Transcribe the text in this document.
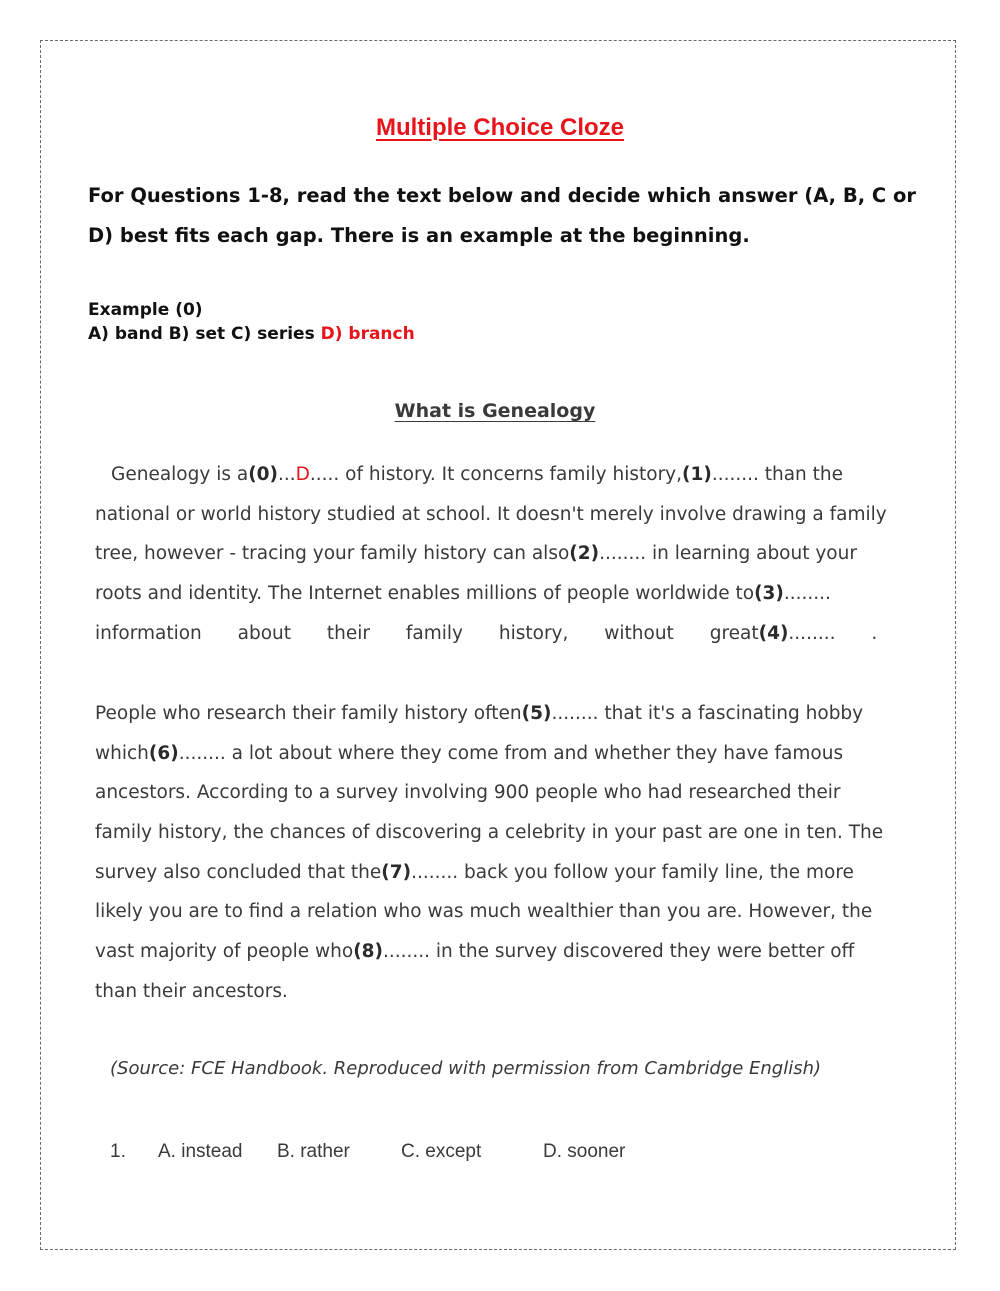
Multiple Choice Cloze

For Questions 1-8, read the text below and decide which answer (A, B, C or

D) best fits each gap. There is an example at the beginning.

Example (0)
A) band B) set C) series D) branch
What is Genealogy
Genealogy is a(0)...D..... of history. It concerns family history,(1)........ than the
national or world history studied at school. It doesn't merely involve drawing a family
tree, however - tracing your family history can also(2)........ in learning about your
roots and identity. The Internet enables millions of people worldwide to(3)........
information about their family history, without great(4)........ .
People who research their family history often(5)........ that it's a fascinating hobby
which(6)........ a lot about where they come from and whether they have famous
ancestors. According to a survey involving 900 people who had researched their
family history, the chances of discovering a celebrity in your past are one in ten. The
survey also concluded that the(7)........ back you follow your family line, the more
likely you are to find a relation who was much wealthier than you are. However, the
vast majority of people who(8)........ in the survey discovered they were better off
than their ancestors.
(Source: FCE Handbook. Reproduced with permission from Cambridge English)
1. A. instead B. rather	C. except	D. sooner
